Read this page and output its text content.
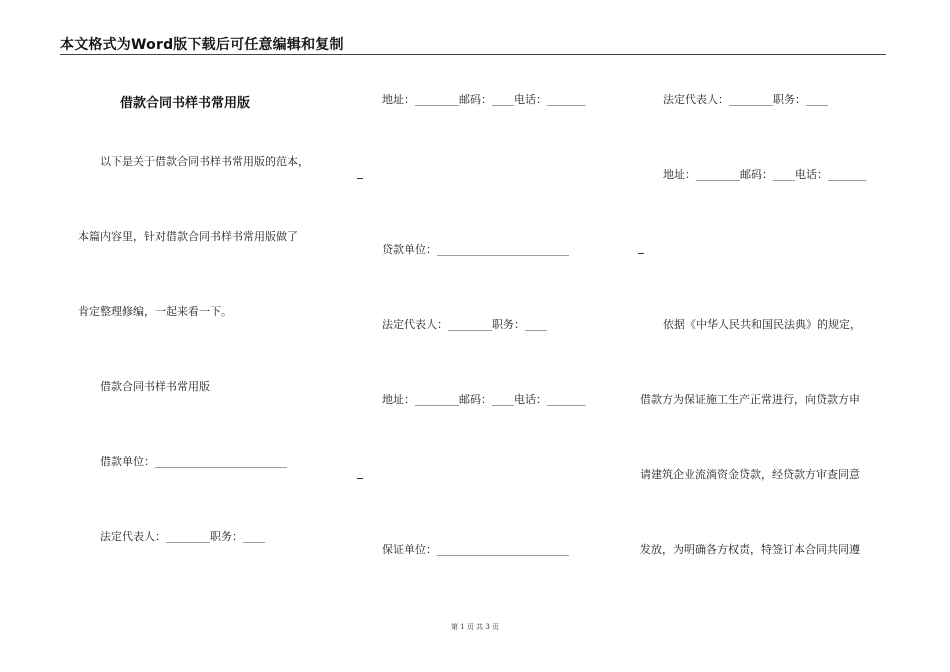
本文格式为Word版下载后可任意编辑和复制
借款合同书样书常用版
以下是关于借款合同书样书常用版的范本，
本篇内容里，针对借款合同书样书常用版做了
肯定整理修编，一起来看一下。
借款合同书样书常用版
借款单位：________________________
法定代表人：________职务：____
地址：________邮码：____电话：_______
贷款单位：________________________
法定代表人：________职务：____
地址：________邮码：____电话：_______
保证单位：________________________
法定代表人：________职务：____
地址：________邮码：____电话：_______
依据《中华人民共和国民法典》的规定，
借款方为保证施工生产正常进行，向贷款方申
请建筑企业流淌资金贷款，经贷款方审查同意
发放，为明确各方权责，特签订本合同共同遵
第 1 页 共 3 页
